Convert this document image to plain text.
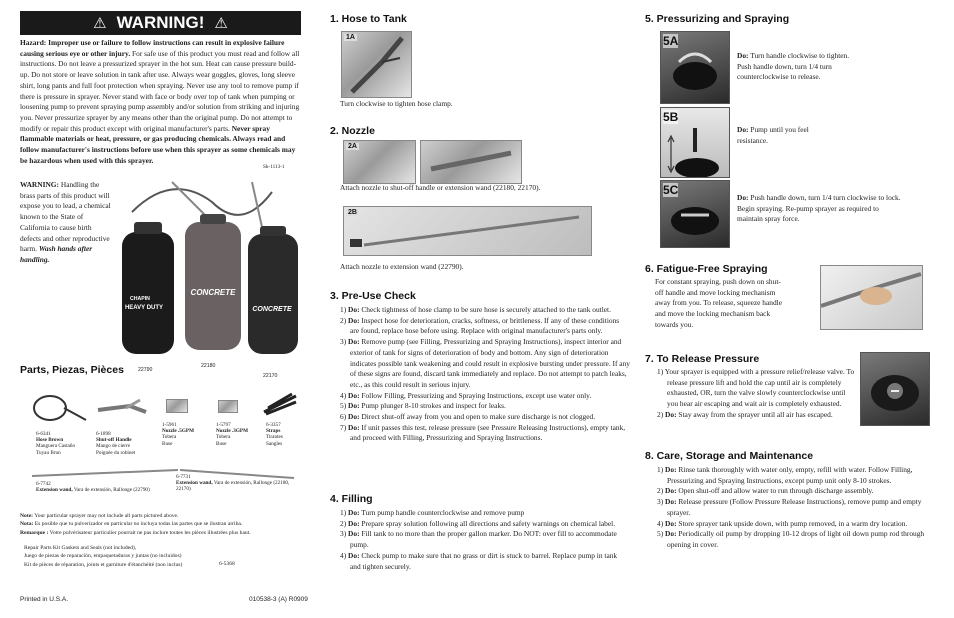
⚠ WARNING! ⚠
Hazard: Improper use or failure to follow instructions can result in explosive failure causing serious eye or other injury. For safe use of this product you must read and follow all instructions. Do not leave a pressurized sprayer in the hot sun. Heat can cause pressure build-up. Do not store or leave solution in tank after use. Always wear goggles, gloves, long sleeve shirt, long pants and full foot protection when spraying. Never use any tool to remove pump if there is pressure in sprayer. Never stand with face or body over top of tank when pumping or loosening pump to prevent spraying pump assembly and/or solution from striking and injuring you. Never pressurize sprayer by any means other than the original pump. Do not attempt to modify or repair this product except with original manufacturer's parts. Never spray flammable materials or heat, pressure, or gas producing chemicals. Always read and follow manufacturer's instructions before use when this sprayer as some chemicals may be hazardous when used with this sprayer.
Sk-1113-1
WARNING: Handling the brass parts of this product will expose you to lead, a chemical known to the State of California to cause birth defects and other reproductive harm. Wash hands after handling.
HEAVY DUTY
CONCRETE
CONCRETE
CHAPIN
22790
22180
22170
Parts, Piezas, Pièces
6-6341
Hose Brown
Manguera Castaño
Tuyau Brun
6-1898
Shut-off Handle
Mango de cierre
Poignée du robinet
1-5961
Nozzle .5GPM
Tobera
Buse
1-5797
Nozzle .3GPM
Tobera
Buse
6-3357
Straps
Tirantes
Sangles
6-7742
Extension wand, Vara de extensión, Rallonge (22790)
6-7731
Extension wand, Vara de extensión, Rallonge (22180, 22170)
Note: Your particular sprayer may not include all parts pictured above.
Nota: Es posible que tu pulverizador en particular no incluya todas las partes que se ilustran arriba.
Remarque : Votre pulvérisateur particulier pourrait ne pas inclure toutes les pièces illustrées plus haut.
Repair Parts Kit Gaskets and Seals (not included),
Juego de piezas de reparación, empaquetaduras y juntas (no incluidos)
Kit de pièces de réparation, joints et garniture d'étanchéité (non inclus)	6-5368
Printed in U.S.A.	010538-3 (A) R0909
1. Hose to Tank
1A
Turn clockwise to tighten hose clamp.
2. Nozzle
2A
Attach nozzle to shut-off handle or extension wand (22180, 22170).
2B
Attach nozzle to extension wand (22790).
3. Pre-Use Check
1) Do: Check tightness of hose clamp to be sure hose is securely attached to the tank outlet.
2) Do: Inspect hose for deterioration, cracks, softness, or brittleness. If any of these conditions are found, replace hose before using. Replace with original manufacturer's parts only.
3) Do: Remove pump (see Filling, Pressurizing and Spraying Instructions), inspect interior and exterior of tank for signs of deterioration of body and bottom. Any sign of deterioration indicates possible tank weakening and could result in explosive bursting under pressure. If any of these signs are found, discard tank immediately and replace. Do not attempt to patch leaks, etc., as this could result in serious injury.
4) Do: Follow Filling, Pressurizing and Spraying Instructions, except use water only.
5) Do: Pump plunger 8-10 strokes and inspect for leaks.
6) Do: Direct shut-off away from you and open to make sure discharge is not clogged.
7) Do: If unit passes this test, release pressure (see Pressure Releasing Instructions), empty tank, and proceed with Filling, Pressurizing and Spraying Instructions.
4. Filling
1) Do: Turn pump handle counterclockwise and remove pump
2) Do: Prepare spray solution following all directions and safety warnings on chemical label.
3) Do: Fill tank to no more than the proper gallon marker. Do NOT: over fill to accommodate pump.
4) Do: Check pump to make sure that no grass or dirt is stuck to barrel. Replace pump in tank and tighten securely.
5. Pressurizing and Spraying
5A
Do: Turn handle clockwise to tighten. Push handle down, turn 1/4 turn counterclockwise to release.
5B
Do: Pump until you feel resistance.
5C
Do: Push handle down, turn 1/4 turn clockwise to lock. Begin spraying. Re-pump sprayer as required to maintain spray force.
6. Fatigue-Free Spraying
For constant spraying, push down on shut-off handle and move locking mechanism away from you. To release, squeeze handle and move the locking mechanism back towards you.
7. To Release Pressure
1) Your sprayer is equipped with a pressure relief/release valve. To release pressure lift and hold the cap until air is completely exhausted, OR, turn the valve slowly counterclockwise until you hear air escaping and wait air is completely exhausted.
2) Do: Stay away from the sprayer until all air has escaped.
8. Care, Storage and Maintenance
1) Do: Rinse tank thoroughly with water only, empty, refill with water. Follow Filling, Pressurizing and Spraying Instructions, except pump unit only 8-10 strokes.
2) Do: Open shut-off and allow water to run through discharge assembly.
3) Do: Release pressure (Follow Pressure Release Instructions), remove pump and empty sprayer.
4) Do: Store sprayer tank upside down, with pump removed, in a warm dry location.
5) Do: Periodically oil pump by dropping 10-12 drops of light oil down pump rod through opening in cover.
